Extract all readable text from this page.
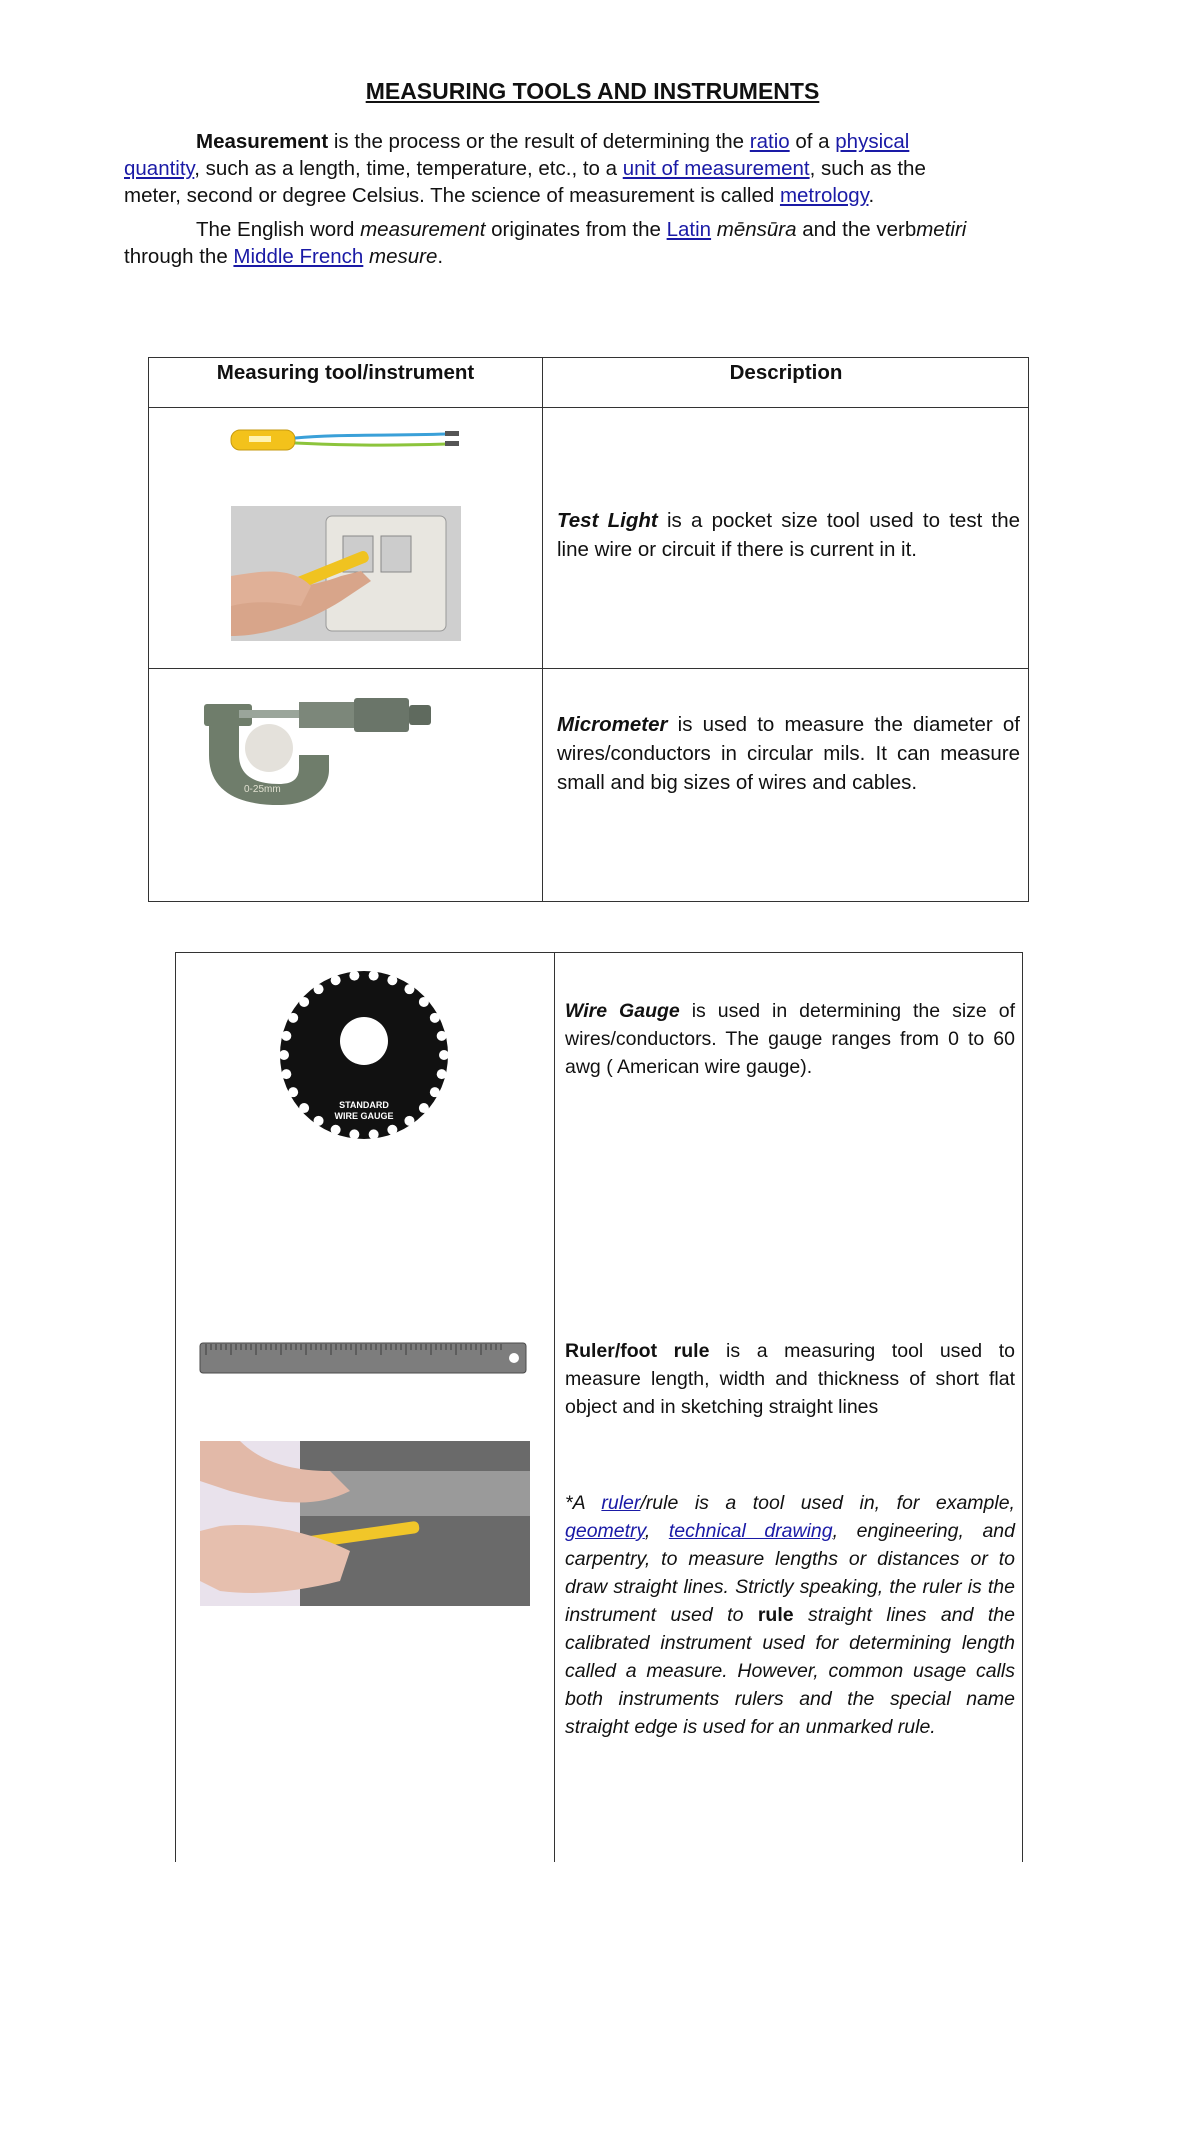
MEASURING TOOLS AND INSTRUMENTS
Measurement is the process or the result of determining the ratio of a physical quantity, such as a length, time, temperature, etc., to a unit of measurement, such as the meter, second or degree Celsius. The science of measurement is called metrology.
The English word measurement originates from the Latin mēnsūra and the verbmetiri through the Middle French mesure.
Measuring tool/instrument	Description
Test Light is a pocket size tool used to test the line wire or circuit if there is current in it.
0-25mm
Micrometer is used to measure the diameter of wires/conductors in circular mils. It can measure small and big sizes of wires and cables.
STANDARD
WIRE GAUGE
Wire Gauge is used in determining the size of wires/conductors. The gauge ranges from 0 to 60 awg ( American wire gauge).
Ruler/foot rule is a measuring tool used to measure length, width and thickness of short flat object and in sketching straight lines
*A ruler/rule is a tool used in, for example, geometry, technical drawing, engineering, and carpentry, to measure lengths or distances or to draw straight lines. Strictly speaking, the ruler is the instrument used to rule straight lines and the calibrated instrument used for determining length called a measure. However, common usage calls both instruments rulers and the special name straight edge is used for an unmarked rule.
